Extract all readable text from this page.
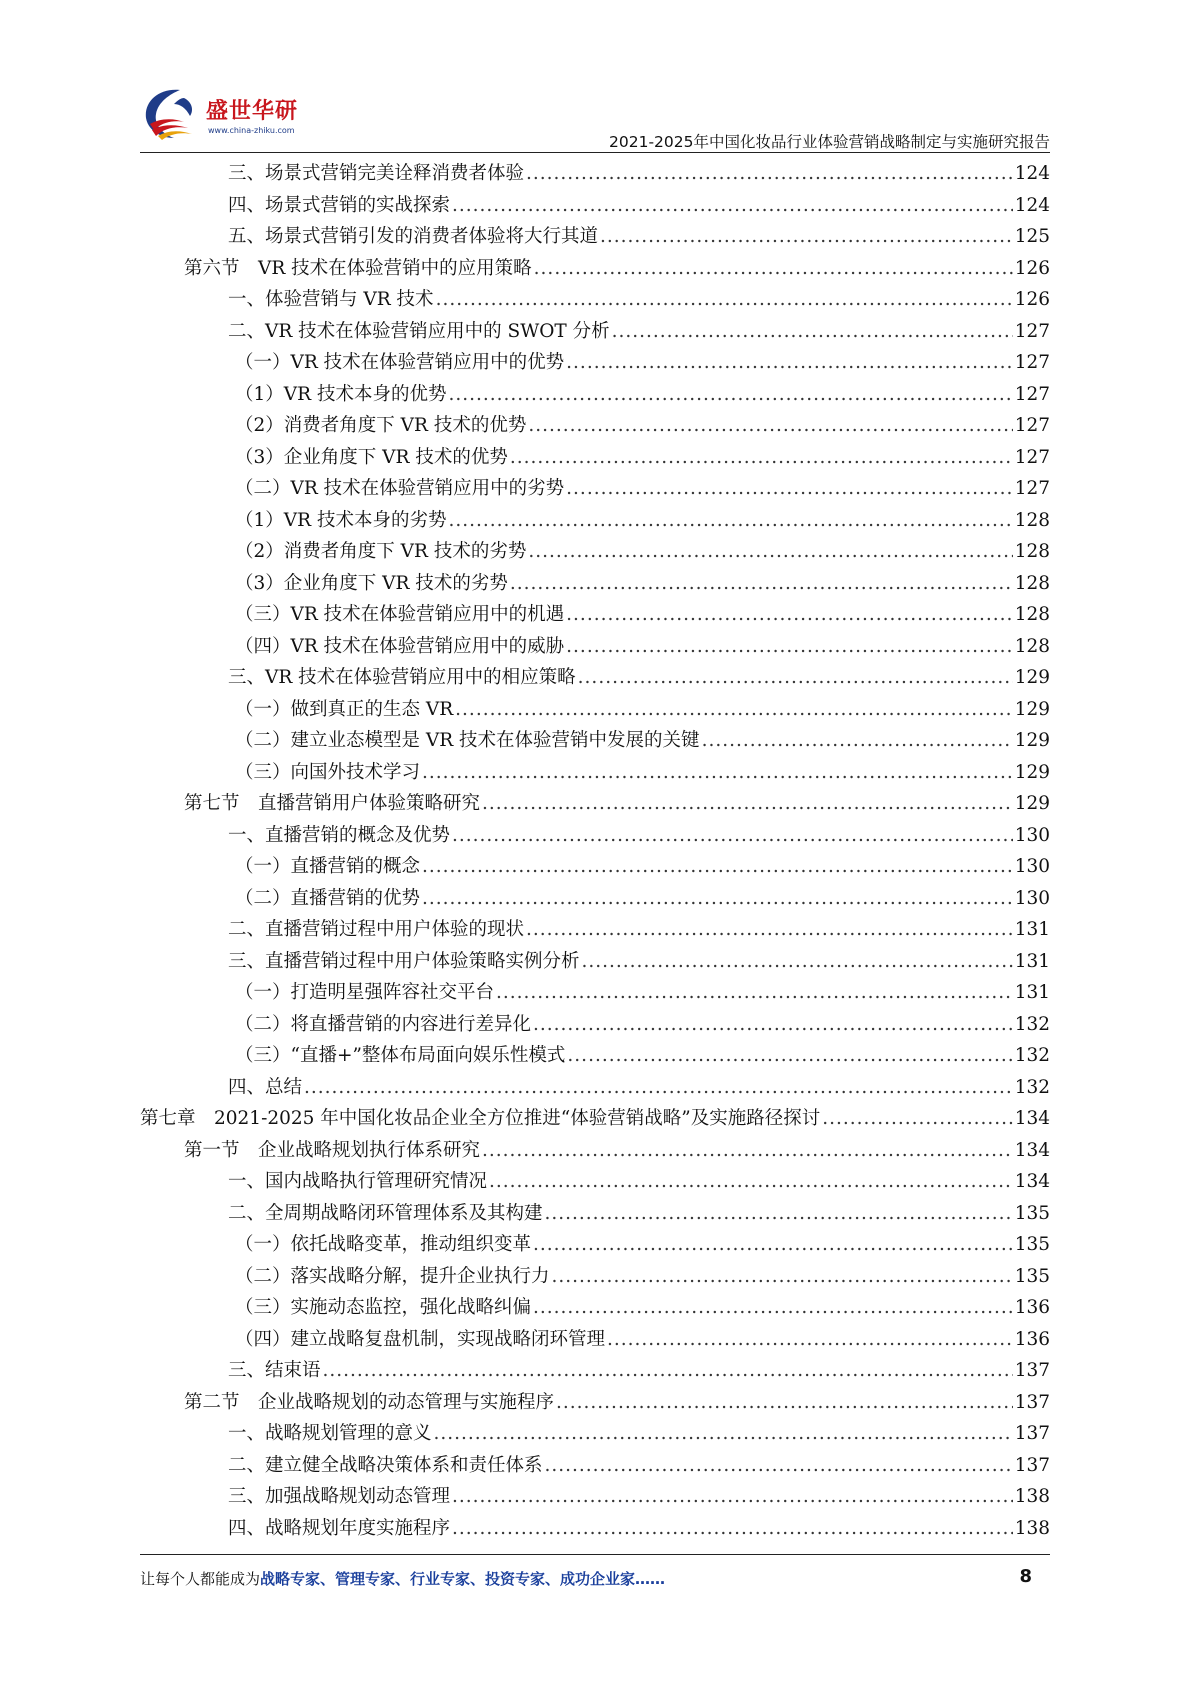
盛世华研
www.china-zhiku.com
2021-2025年中国化妆品行业体验营销战略制定与实施研究报告
三、场景式营销完美诠释消费者体验 .....	124
四、场景式营销的实战探索 .....	124
五、场景式营销引发的消费者体验将大行其道 .....	125
第六节　VR 技术在体验营销中的应用策略 .....	126
一、体验营销与 VR 技术 .....	126
二、VR 技术在体验营销应用中的 SWOT 分析 .....	127
（一）VR 技术在体验营销应用中的优势 .....	127
（1）VR 技术本身的优势 .....	127
（2）消费者角度下 VR 技术的优势 .....	127
（3）企业角度下 VR 技术的优势 .....	127
（二）VR 技术在体验营销应用中的劣势 .....	127
（1）VR 技术本身的劣势 .....	128
（2）消费者角度下 VR 技术的劣势 .....	128
（3）企业角度下 VR 技术的劣势 .....	128
（三）VR 技术在体验营销应用中的机遇 .....	128
（四）VR 技术在体验营销应用中的威胁 .....	128
三、VR 技术在体验营销应用中的相应策略 .....	129
（一）做到真正的生态 VR .....	129
（二）建立业态模型是 VR 技术在体验营销中发展的关键 .....	129
（三）向国外技术学习 .....	129
第七节　直播营销用户体验策略研究 .....	129
一、直播营销的概念及优势 .....	130
（一）直播营销的概念 .....	130
（二）直播营销的优势 .....	130
二、直播营销过程中用户体验的现状 .....	131
三、直播营销过程中用户体验策略实例分析 .....	131
（一）打造明星强阵容社交平台 .....	131
（二）将直播营销的内容进行差异化 .....	132
（三）“直播+”整体布局面向娱乐性模式 .....	132
四、总结 .....	132
第七章　2021-2025 年中国化妆品企业全方位推进“体验营销战略”及实施路径探讨 .....	134
第一节　企业战略规划执行体系研究 .....	134
一、国内战略执行管理研究情况 .....	134
二、全周期战略闭环管理体系及其构建 .....	135
（一）依托战略变革，推动组织变革 .....	135
（二）落实战略分解，提升企业执行力 .....	135
（三）实施动态监控，强化战略纠偏 .....	136
（四）建立战略复盘机制，实现战略闭环管理 .....	136
三、结束语 .....	137
第二节　企业战略规划的动态管理与实施程序 .....	137
一、战略规划管理的意义 .....	137
二、建立健全战略决策体系和责任体系 .....	137
三、加强战略规划动态管理 .....	138
四、战略规划年度实施程序 .....	138
让每个人都能成为战略专家、管理专家、行业专家、投资专家、成功企业家……	8
